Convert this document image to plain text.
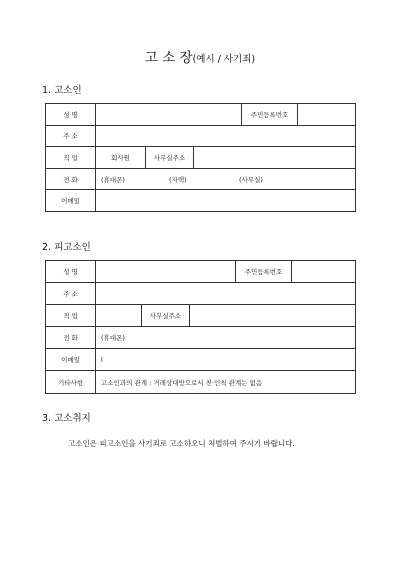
고 소 장(예시 / 사기죄)
1. 고소인
성 명				주민등록번호	
주 소					
직 업	회사원	사무실주소			
전 화	(휴대폰) (자택) (사무실)				
이메일					
2. 피고소인
성 명				주민등록번호	
주 소					
직 업		사무실주소			
전 화	(휴대폰)				
이메일	l				
기타사항	고소인과의 관계 : 거래상대방으로서 친·인척 관계는 없음				
3. 고소취지
고소인은 피고소인을 사기죄로 고소하오니 처벌하여 주시기 바랍니다.
